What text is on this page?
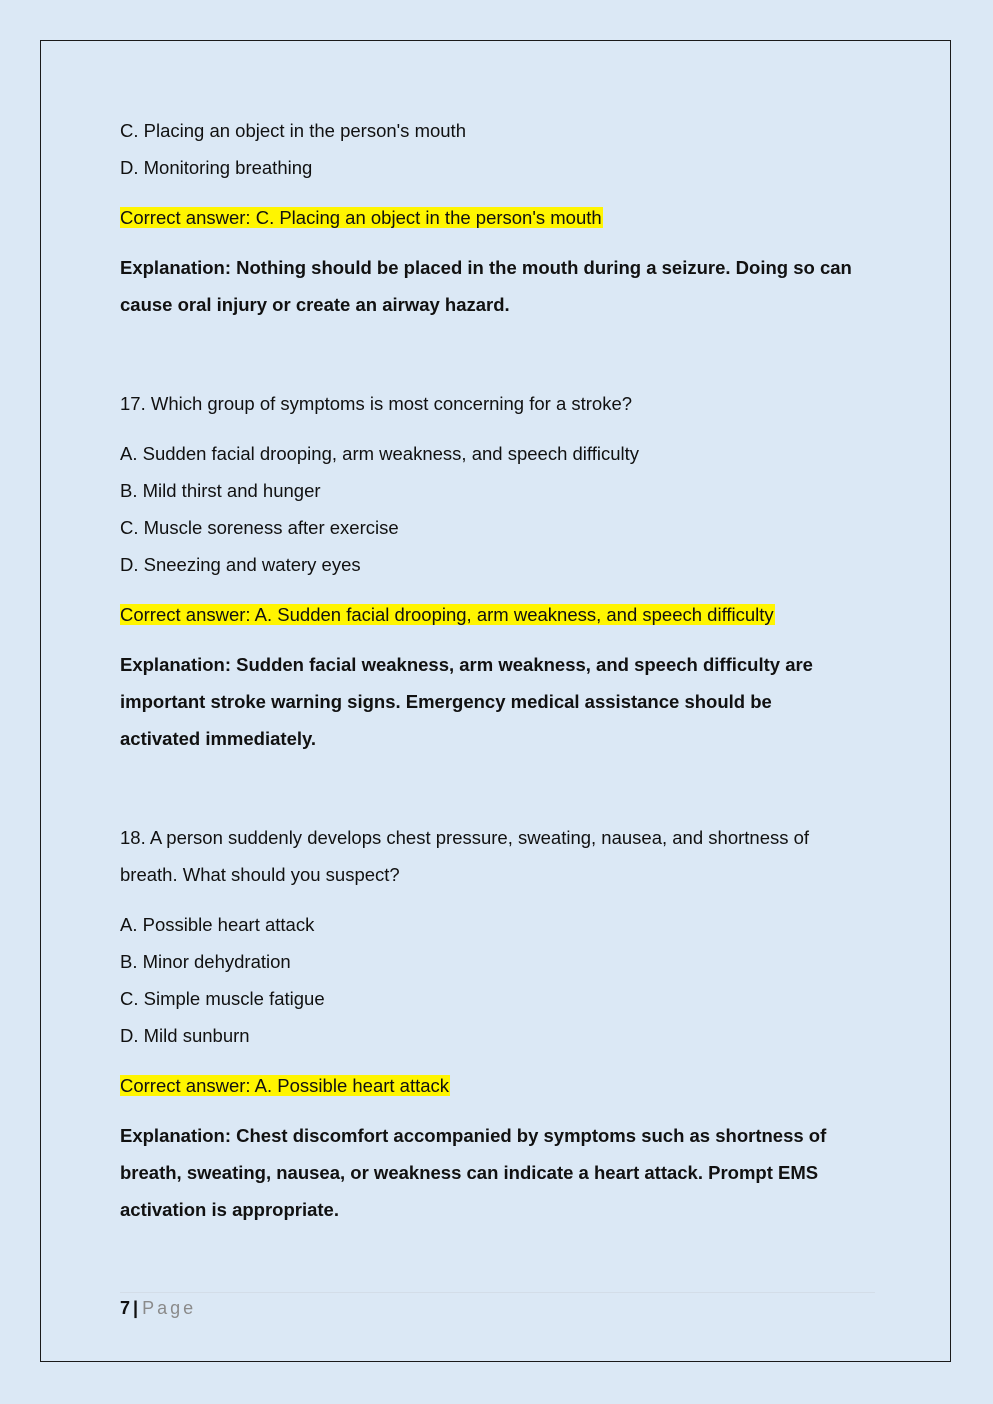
C. Placing an object in the person's mouth

D. Monitoring breathing

Correct answer: C. Placing an object in the person's mouth

Explanation: Nothing should be placed in the mouth during a seizure. Doing so can

cause oral injury or create an airway hazard.

17. Which group of symptoms is most concerning for a stroke?

A. Sudden facial drooping, arm weakness, and speech difficulty

B. Mild thirst and hunger

C. Muscle soreness after exercise

D. Sneezing and watery eyes

Correct answer: A. Sudden facial drooping, arm weakness, and speech difficulty

Explanation: Sudden facial weakness, arm weakness, and speech difficulty are

important stroke warning signs. Emergency medical assistance should be

activated immediately.

18. A person suddenly develops chest pressure, sweating, nausea, and shortness of

breath. What should you suspect?

A. Possible heart attack

B. Minor dehydration

C. Simple muscle fatigue

D. Mild sunburn

Correct answer: A. Possible heart attack

Explanation: Chest discomfort accompanied by symptoms such as shortness of

breath, sweating, nausea, or weakness can indicate a heart attack. Prompt EMS

activation is appropriate.

7 | Page
